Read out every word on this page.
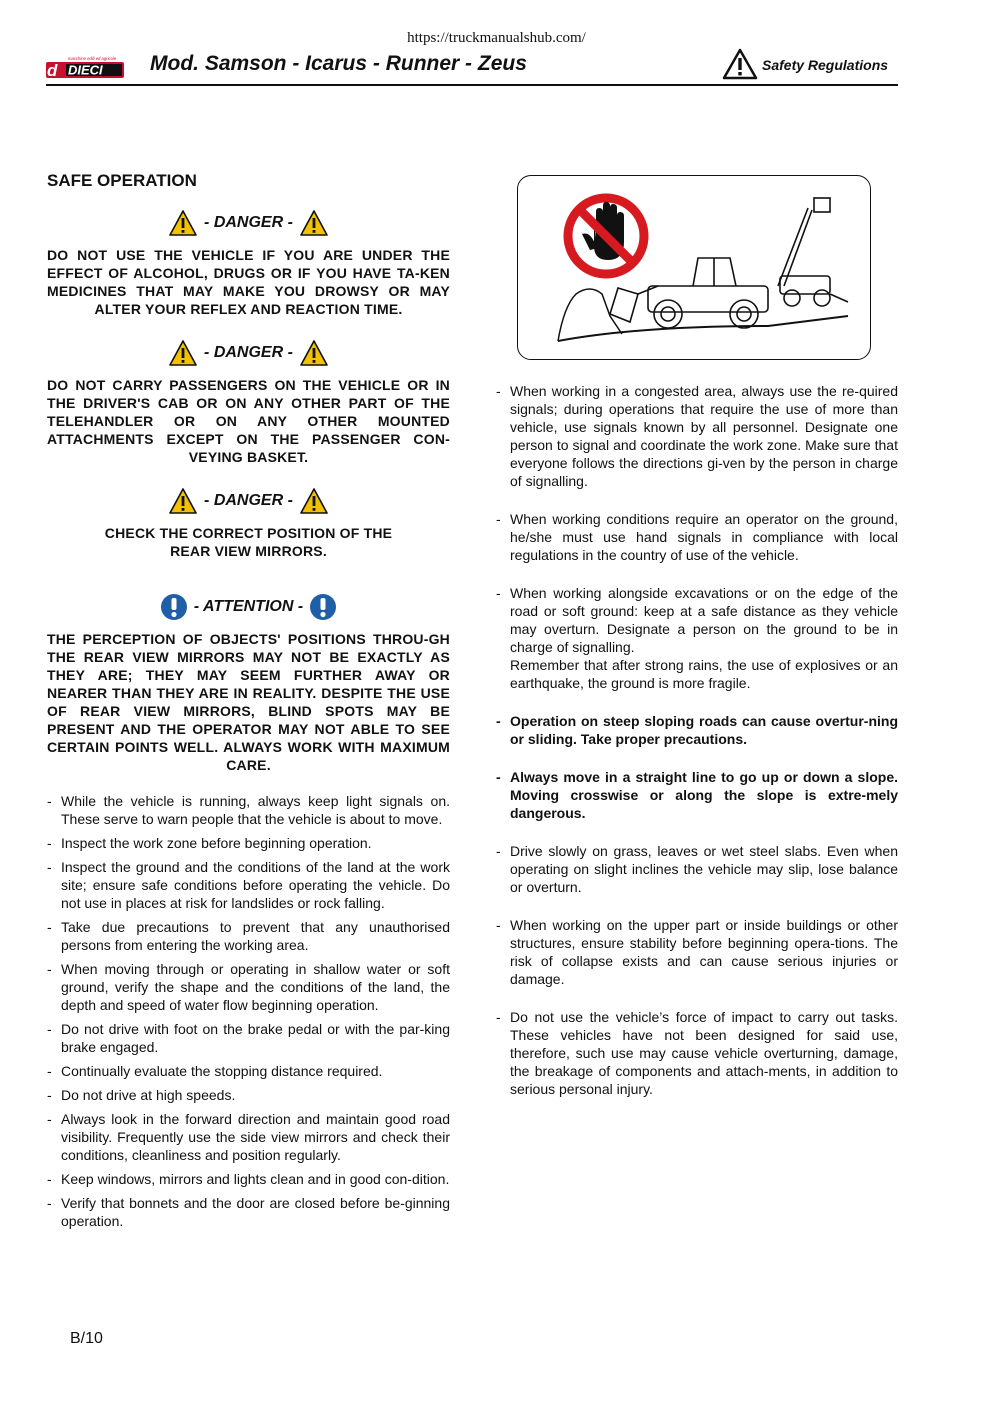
https://truckmanualshub.com/
d DIECI
macchine edili ed agricole Mod. Samson - Icarus - Runner - Zeus	Safety Regulations
SAFE OPERATION
- DANGER -
DO NOT USE THE VEHICLE IF YOU ARE UNDER THE EFFECT OF ALCOHOL, DRUGS OR IF YOU HAVE TA-KEN MEDICINES THAT MAY MAKE YOU DROWSY OR MAY ALTER YOUR REFLEX AND REACTION TIME.
- DANGER -
DO NOT CARRY PASSENGERS ON THE VEHICLE OR IN THE DRIVER'S CAB OR ON ANY OTHER PART OF THE TELEHANDLER OR ON ANY OTHER MOUNTED ATTACHMENTS EXCEPT ON THE PASSENGER CON-VEYING BASKET.
- DANGER -
CHECK THE CORRECT POSITION OF THE REAR VIEW MIRRORS.
- ATTENTION -
THE PERCEPTION OF OBJECTS' POSITIONS THROU-GH THE REAR VIEW MIRRORS MAY NOT BE EXACTLY AS THEY ARE; THEY MAY SEEM FURTHER AWAY OR NEARER THAN THEY ARE IN REALITY. DESPITE THE USE OF REAR VIEW MIRRORS, BLIND SPOTS MAY BE PRESENT AND THE OPERATOR MAY NOT ABLE TO SEE CERTAIN POINTS WELL. ALWAYS WORK WITH MAXIMUM CARE.
- While the vehicle is running, always keep light signals on. These serve to warn people that the vehicle is about to move.
- Inspect the work zone before beginning operation.
- Inspect the ground and the conditions of the land at the work site; ensure safe conditions before operating the vehicle. Do not use in places at risk for landslides or rock falling.
- Take due precautions to prevent that any unauthorised persons from entering the working area.
- When moving through or operating in shallow water or soft ground, verify the shape and the conditions of the land, the depth and speed of water flow beginning operation.
- Do not drive with foot on the brake pedal or with the par-king brake engaged.
- Continually evaluate the stopping distance required.
- Do not drive at high speeds.
- Always look in the forward direction and maintain good road visibility. Frequently use the side view mirrors and check their conditions, cleanliness and position regularly.
- Keep windows, mirrors and lights clean and in good con-dition.
- Verify that bonnets and the door are closed before be-ginning operation.
- When working in a congested area, always use the re-quired signals; during operations that require the use of more than vehicle, use signals known by all personnel. Designate one person to signal and coordinate the work zone. Make sure that everyone follows the directions gi-ven by the person in charge of signalling.
- When working conditions require an operator on the ground, he/she must use hand signals in compliance with local regulations in the country of use of the vehicle.
- When working alongside excavations or on the edge of the road or soft ground: keep at a safe distance as they vehicle may overturn. Designate a person on the ground to be in charge of signalling.
Remember that after strong rains, the use of explosives or an earthquake, the ground is more fragile.
- Operation on steep sloping roads can cause overtur-ning or sliding. Take proper precautions.
- Always move in a straight line to go up or down a slope. Moving crosswise or along the slope is extre-mely dangerous.
- Drive slowly on grass, leaves or wet steel slabs. Even when operating on slight inclines the vehicle may slip, lose balance or overturn.
- When working on the upper part or inside buildings or other structures, ensure stability before beginning opera-tions. The risk of collapse exists and can cause serious injuries or damage.
- Do not use the vehicle’s force of impact to carry out tasks. These vehicles have not been designed for said use, therefore, such use may cause vehicle overturning, damage, the breakage of components and attach-ments, in addition to serious personal injury.
B/10
